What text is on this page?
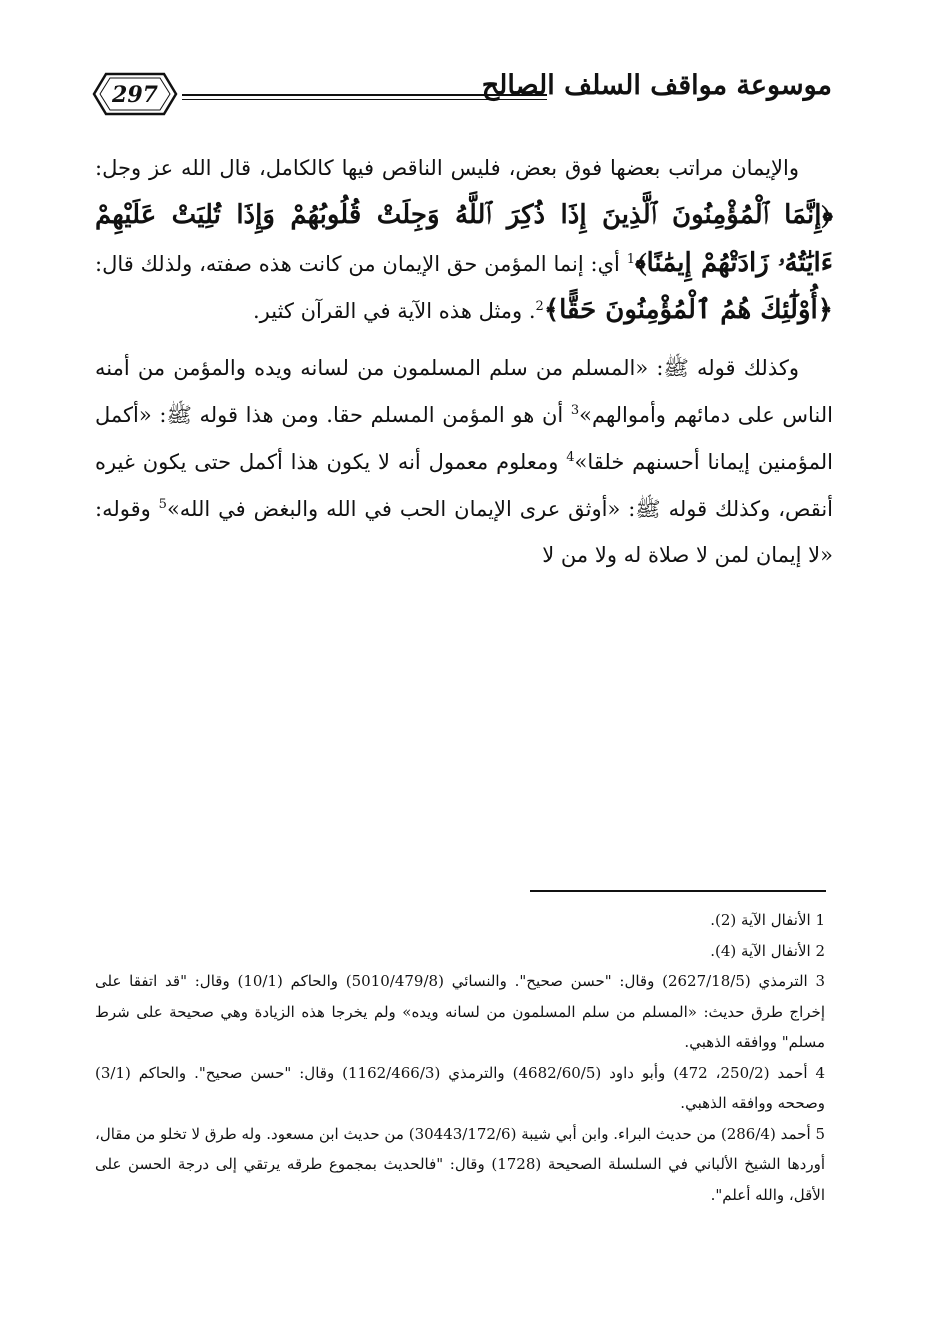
297	موسوعة مواقف السلف الصالح

والإيمان مراتب بعضها فوق بعض، فليس الناقص فيها كالكامل، قال الله عز وجل: ﴿إِنَّمَا ٱلْمُؤْمِنُونَ ٱلَّذِينَ إِذَا ذُكِرَ ٱللَّهُ وَجِلَتْ قُلُوبُهُمْ وَإِذَا تُلِيَتْ عَلَيْهِمْ ءَايَٰتُهُۥ زَادَتْهُمْ إِيمَٰنًا﴾$^1$ أي: إنما المؤمن حق الإيمان من كانت هذه صفته، ولذلك قال: ﴿أُوْلَٰٓئِكَ هُمُ ٱلْمُؤْمِنُونَ حَقًّا﴾$^2$. ومثل هذه الآية في القرآن كثير.

وكذلك قوله ﷺ: «المسلم من سلم المسلمون من لسانه ويده والمؤمن من أمنه الناس على دمائهم وأموالهم»$^3$ أن هو المؤمن المسلم حقا. ومن هذا قوله ﷺ: «أكمل المؤمنين إيمانا أحسنهم خلقا»$^4$ ومعلوم معمول أنه لا يكون هذا أكمل حتى يكون غيره أنقص، وكذلك قوله ﷺ: «أوثق عرى الإيمان الحب في الله والبغض في الله»$^5$ وقوله: «لا إيمان لمن لا صلاة له ولا من لا

1 الأنفال الآية (2).

2 الأنفال الآية (4).

3 الترمذي (2627/18/5) وقال: "حسن صحيح". والنسائي (5010/479/8) والحاكم (10/1) وقال: "قد اتفقا على إخراج طرق حديث: «المسلم من سلم المسلمون من لسانه ويده» ولم يخرجا هذه الزيادة وهي صحيحة على شرط مسلم" ووافقه الذهبي.

4 أحمد (250/2، 472) وأبو داود (4682/60/5) والترمذي (1162/466/3) وقال: "حسن صحيح". والحاكم (3/1) وصححه ووافقه الذهبي.

5 أحمد (286/4) من حديث البراء. وابن أبي شيبة (30443/172/6) من حديث ابن مسعود. وله طرق لا تخلو من مقال، أوردها الشيخ الألباني في السلسلة الصحيحة (1728) وقال: "فالحديث بمجموع طرقه يرتقي إلى درجة الحسن على الأقل، والله أعلم".
